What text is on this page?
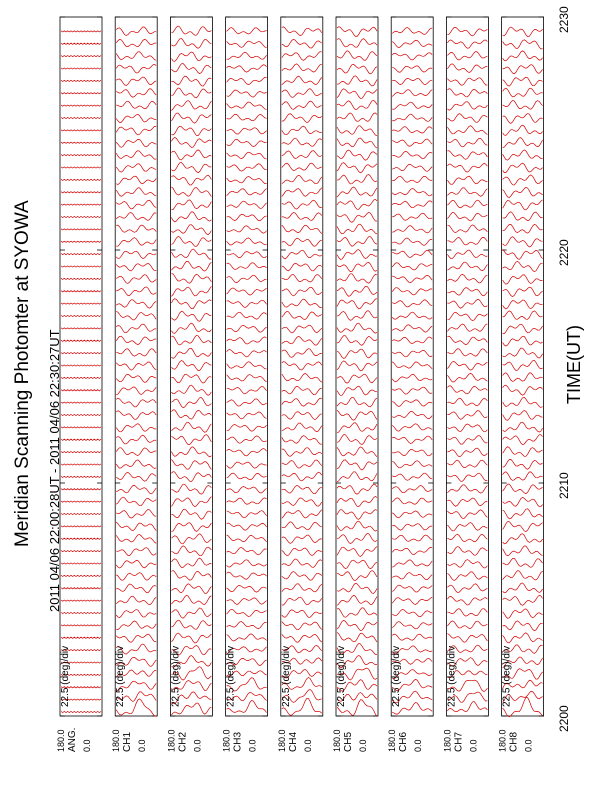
Meridian Scanning Photomter at SYOWA 2011 04/06 22:00:28UT - 2011 04/06 22:30:27UT
22.5 (deg)/div
ANG.
180.0 0.0
22.5 (deg)/div
CH1
180.0 0.0
22.5 (deg)/div
CH2
180.0 0.0
22.5 (deg)/div
CH3
180.0 0.0
22.5 (deg)/div
CH4
180.0 0.0
22.5 (deg)/div
CH5
180.0 0.0
22.5 (deg)/div
CH6
180.0 0.0
22.5 (deg)/div
CH7
180.0 0.0
22.5 (deg)/div
CH8
180.0 0.0
TIME(UT)
2200
2210
2220
2230
